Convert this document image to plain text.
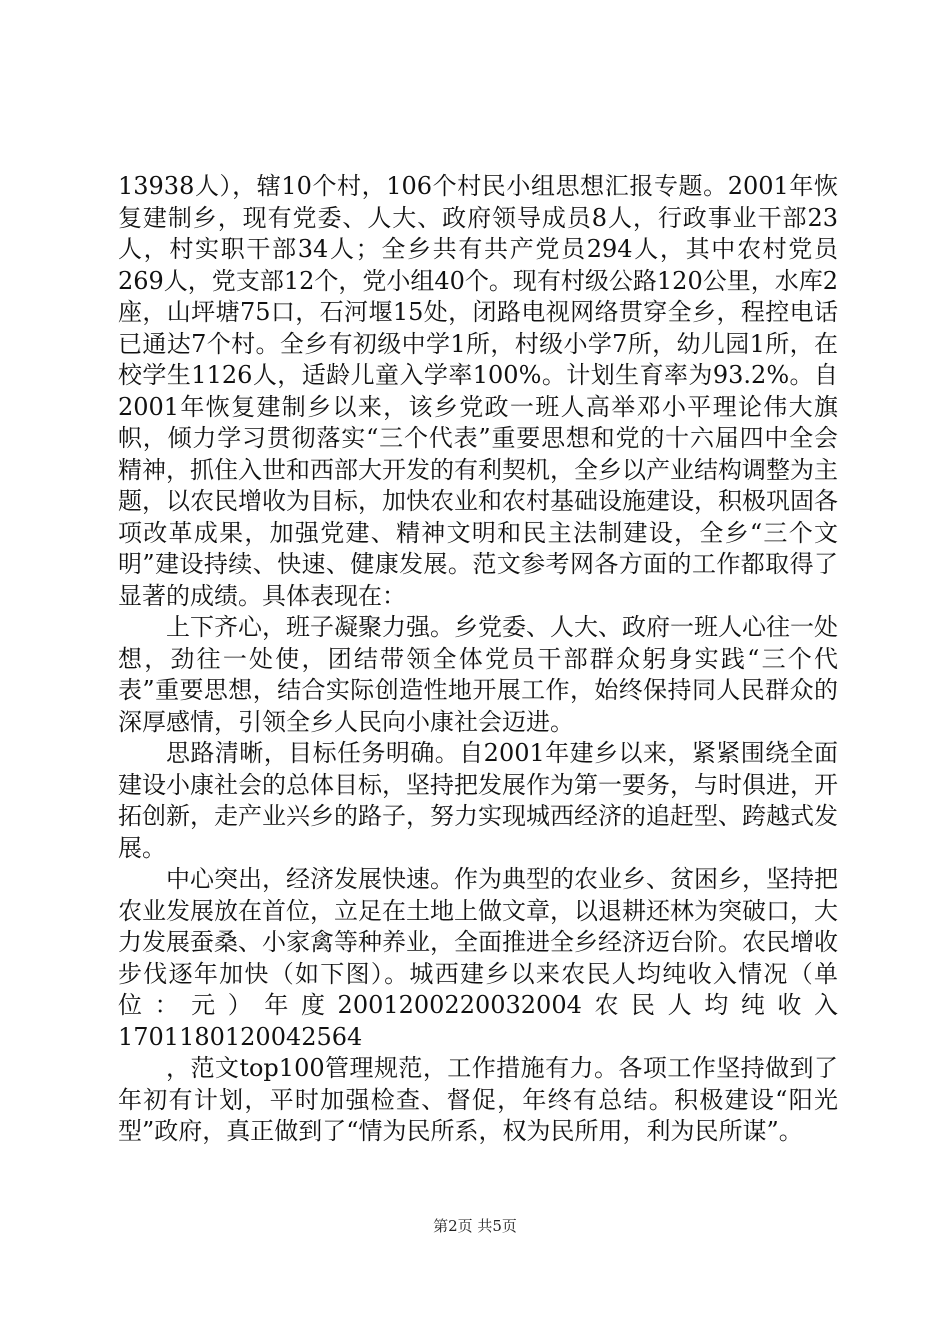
13938人），辖10个村，106个村民小组思想汇报专题。2001年恢复建制乡，现有党委、人大、政府领导成员8人，行政事业干部23人，村实职干部34人；全乡共有共产党员294人，其中农村党员269人，党支部12个，党小组40个。现有村级公路120公里，水库2座，山坪塘75口，石河堰15处，闭路电视网络贯穿全乡，程控电话已通达7个村。全乡有初级中学1所，村级小学7所，幼儿园1所，在校学生1126人，适龄儿童入学率100%。计划生育率为93.2%。自2001年恢复建制乡以来，该乡党政一班人高举邓小平理论伟大旗帜，倾力学习贯彻落实“三个代表”重要思想和党的十六届四中全会精神，抓住入世和西部大开发的有利契机，全乡以产业结构调整为主题，以农民增收为目标，加快农业和农村基础设施建设，积极巩固各项改革成果，加强党建、精神文明和民主法制建设，全乡“三个文明”建设持续、快速、健康发展。范文参考网各方面的工作都取得了显著的成绩。具体表现在：

上下齐心，班子凝聚力强。乡党委、人大、政府一班人心往一处想，劲往一处使，团结带领全体党员干部群众躬身实践“三个代表”重要思想，结合实际创造性地开展工作，始终保持同人民群众的深厚感情，引领全乡人民向小康社会迈进。

思路清晰，目标任务明确。自2001年建乡以来，紧紧围绕全面建设小康社会的总体目标，坚持把发展作为第一要务，与时俱进，开拓创新，走产业兴乡的路子，努力实现城西经济的追赶型、跨越式发展。

中心突出，经济发展快速。作为典型的农业乡、贫困乡，坚持把农业发展放在首位，立足在土地上做文章，以退耕还林为突破口，大力发展蚕桑、小家禽等种养业，全面推进全乡经济迈台阶。农民增收步伐逐年加快（如下图）。城西建乡以来农民人均纯收入情况（单位：元）年度2001200220032004农民人均纯收入1701180120042564

，范文top100管理规范，工作措施有力。各项工作坚持做到了年初有计划，平时加强检查、督促，年终有总结。积极建设“阳光型”政府，真正做到了“情为民所系，权为民所用，利为民所谋”。

第2页 共5页
